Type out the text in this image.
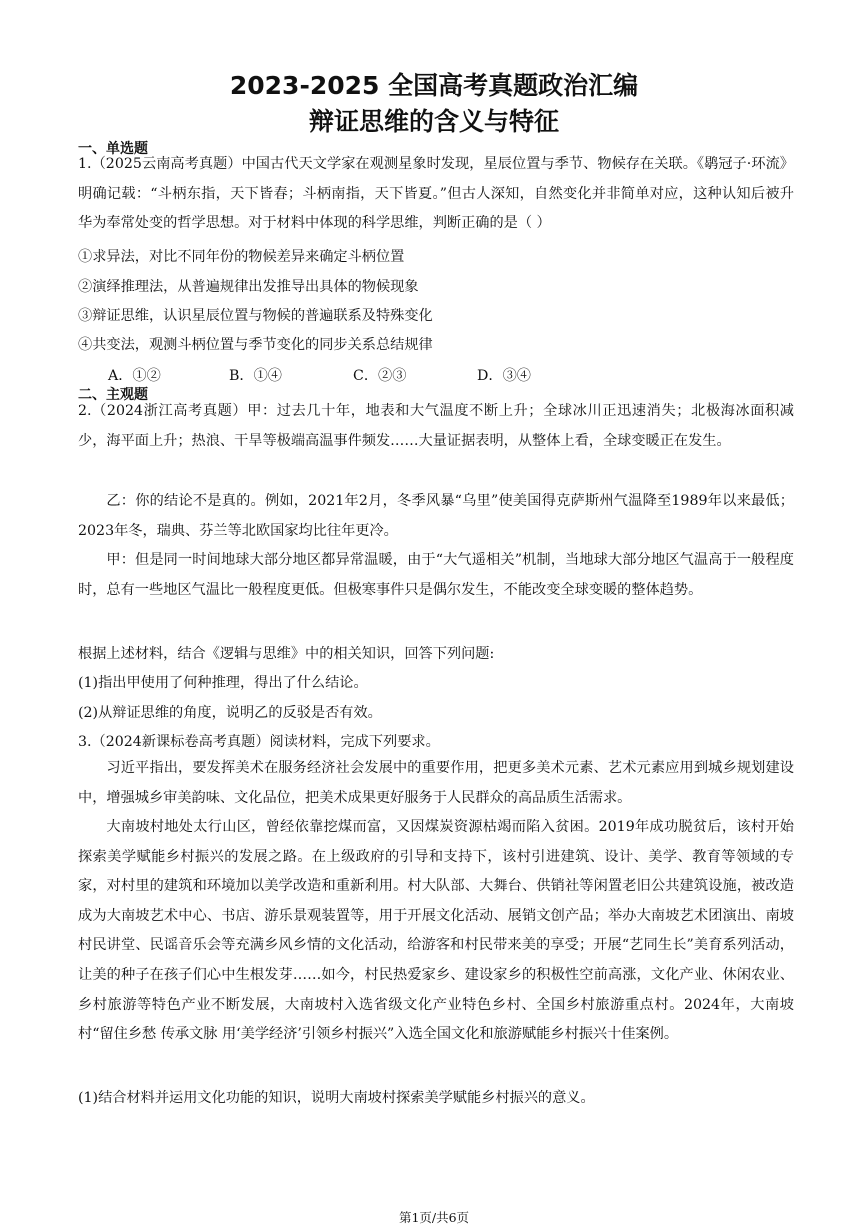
2023-2025 全国高考真题政治汇编
辩证思维的含义与特征
一、单选题
1.（2025云南高考真题）中国古代天文学家在观测星象时发现，星辰位置与季节、物候存在关联。《鹖冠子·环流》明确记载：“斗柄东指，天下皆春；斗柄南指，天下皆夏。”但古人深知，自然变化并非简单对应，这种认知后被升华为奉常处变的哲学思想。对于材料中体现的科学思维，判断正确的是（ ）
①求异法，对比不同年份的物候差异来确定斗柄位置
②演绎推理法，从普遍规律出发推导出具体的物候现象
③辩证思维，认识星辰位置与物候的普遍联系及特殊变化
④共变法，观测斗柄位置与季节变化的同步关系总结规律
A．①②	B．①④	C．②③	D．③④
二、主观题
2.（2024浙江高考真题）甲：过去几十年，地表和大气温度不断上升；全球冰川正迅速消失；北极海冰面积减少，海平面上升；热浪、干旱等极端高温事件频发……大量证据表明，从整体上看，全球变暖正在发生。
乙：你的结论不是真的。例如，2021年2月，冬季风暴“乌里”使美国得克萨斯州气温降至1989年以来最低；2023年冬，瑞典、芬兰等北欧国家均比往年更冷。
甲：但是同一时间地球大部分地区都异常温暖，由于“大气遥相关”机制，当地球大部分地区气温高于一般程度时，总有一些地区气温比一般程度更低。但极寒事件只是偶尔发生，不能改变全球变暖的整体趋势。
根据上述材料，结合《逻辑与思维》中的相关知识，回答下列问题:
(1)指出甲使用了何种推理，得出了什么结论。
(2)从辩证思维的角度，说明乙的反驳是否有效。
3.（2024新课标卷高考真题）阅读材料，完成下列要求。
习近平指出，要发挥美术在服务经济社会发展中的重要作用，把更多美术元素、艺术元素应用到城乡规划建设中，增强城乡审美韵味、文化品位，把美术成果更好服务于人民群众的高品质生活需求。
大南坡村地处太行山区，曾经依靠挖煤而富，又因煤炭资源枯竭而陷入贫困。2019年成功脱贫后，该村开始探索美学赋能乡村振兴的发展之路。在上级政府的引导和支持下，该村引进建筑、设计、美学、教育等领域的专家，对村里的建筑和环境加以美学改造和重新利用。村大队部、大舞台、供销社等闲置老旧公共建筑设施，被改造成为大南坡艺术中心、书店、游乐景观装置等，用于开展文化活动、展销文创产品；举办大南坡艺术团演出、南坡村民讲堂、民谣音乐会等充满乡风乡情的文化活动，给游客和村民带来美的享受；开展“艺同生长”美育系列活动，让美的种子在孩子们心中生根发芽……如今，村民热爱家乡、建设家乡的积极性空前高涨，文化产业、休闲农业、乡村旅游等特色产业不断发展，大南坡村入选省级文化产业特色乡村、全国乡村旅游重点村。2024年，大南坡村“留住乡愁 传承文脉 用‘美学经济’引领乡村振兴”入选全国文化和旅游赋能乡村振兴十佳案例。
(1)结合材料并运用文化功能的知识，说明大南坡村探索美学赋能乡村振兴的意义。
第1页/共6页
